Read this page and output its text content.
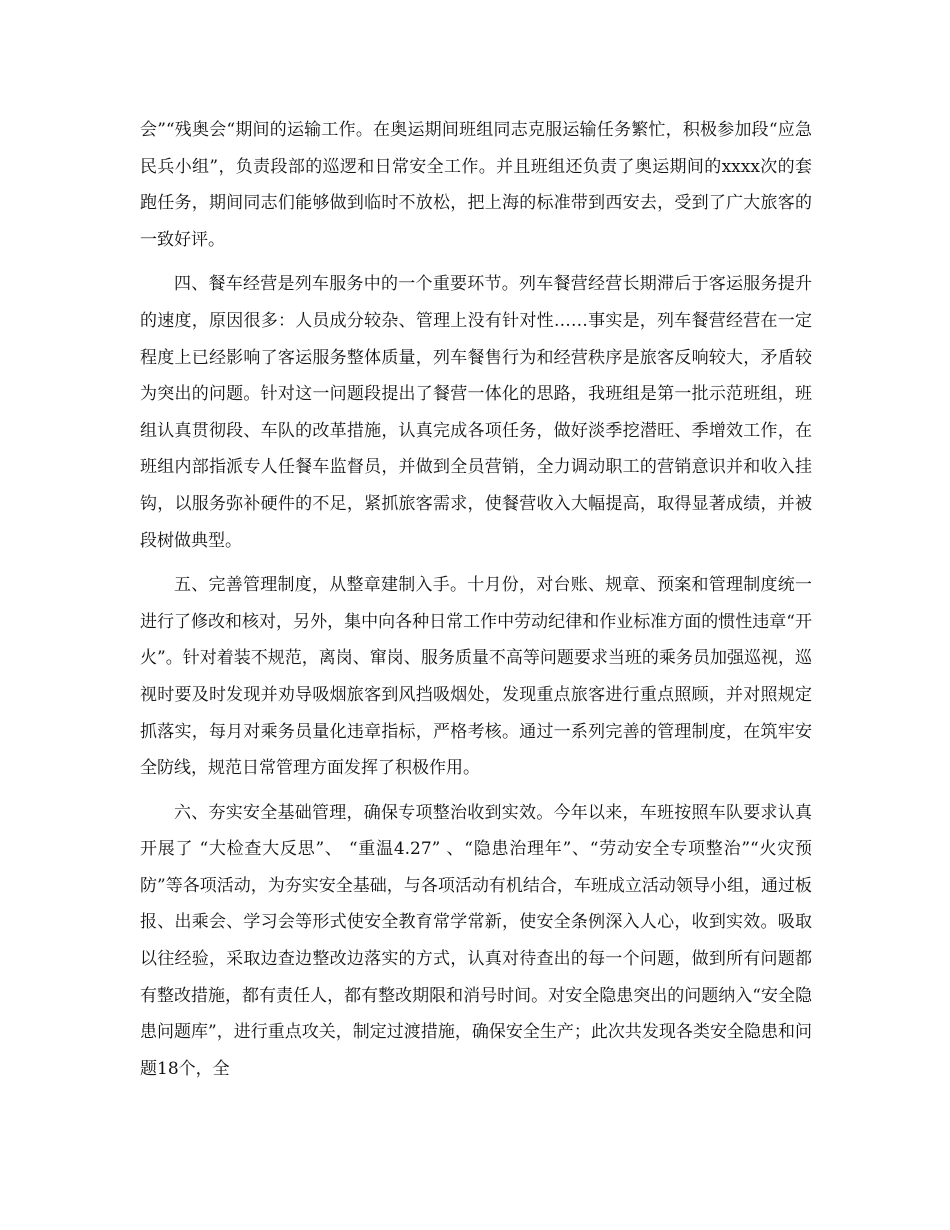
会”“残奥会“期间的运输工作。在奥运期间班组同志克服运输任务繁忙，积极参加段“应急民兵小组”，负责段部的巡逻和日常安全工作。并且班组还负责了奥运期间的xxxx次的套跑任务，期间同志们能够做到临时不放松，把上海的标准带到西安去，受到了广大旅客的一致好评。

四、餐车经营是列车服务中的一个重要环节。列车餐营经营长期滞后于客运服务提升的速度，原因很多：人员成分较杂、管理上没有针对性……事实是，列车餐营经营在一定程度上已经影响了客运服务整体质量，列车餐售行为和经营秩序是旅客反响较大，矛盾较为突出的问题。针对这一问题段提出了餐营一体化的思路，我班组是第一批示范班组，班组认真贯彻段、车队的改革措施，认真完成各项任务，做好淡季挖潜旺、季增效工作，在班组内部指派专人任餐车监督员，并做到全员营销，全力调动职工的营销意识并和收入挂钩，以服务弥补硬件的不足，紧抓旅客需求，使餐营收入大幅提高，取得显著成绩，并被段树做典型。

五、完善管理制度，从整章建制入手。十月份，对台账、规章、预案和管理制度统一进行了修改和核对，另外，集中向各种日常工作中劳动纪律和作业标准方面的惯性违章“开火”。针对着装不规范，离岗、窜岗、服务质量不高等问题要求当班的乘务员加强巡视，巡视时要及时发现并劝导吸烟旅客到风挡吸烟处，发现重点旅客进行重点照顾，并对照规定抓落实，每月对乘务员量化违章指标，严格考核。通过一系列完善的管理制度，在筑牢安全防线，规范日常管理方面发挥了积极作用。

六、夯实安全基础管理，确保专项整治收到实效。今年以来，车班按照车队要求认真开展了 “大检查大反思”、 “重温4.27” 、“隐患治理年”、“劳动安全专项整治”“火灾预防”等各项活动，为夯实安全基础，与各项活动有机结合，车班成立活动领导小组，通过板报、出乘会、学习会等形式使安全教育常学常新，使安全条例深入人心，收到实效。吸取以往经验，采取边查边整改边落实的方式，认真对待查出的每一个问题，做到所有问题都有整改措施，都有责任人，都有整改期限和消号时间。对安全隐患突出的问题纳入“安全隐患问题库”，进行重点攻关，制定过渡措施，确保安全生产；此次共发现各类安全隐患和问题18个，全
